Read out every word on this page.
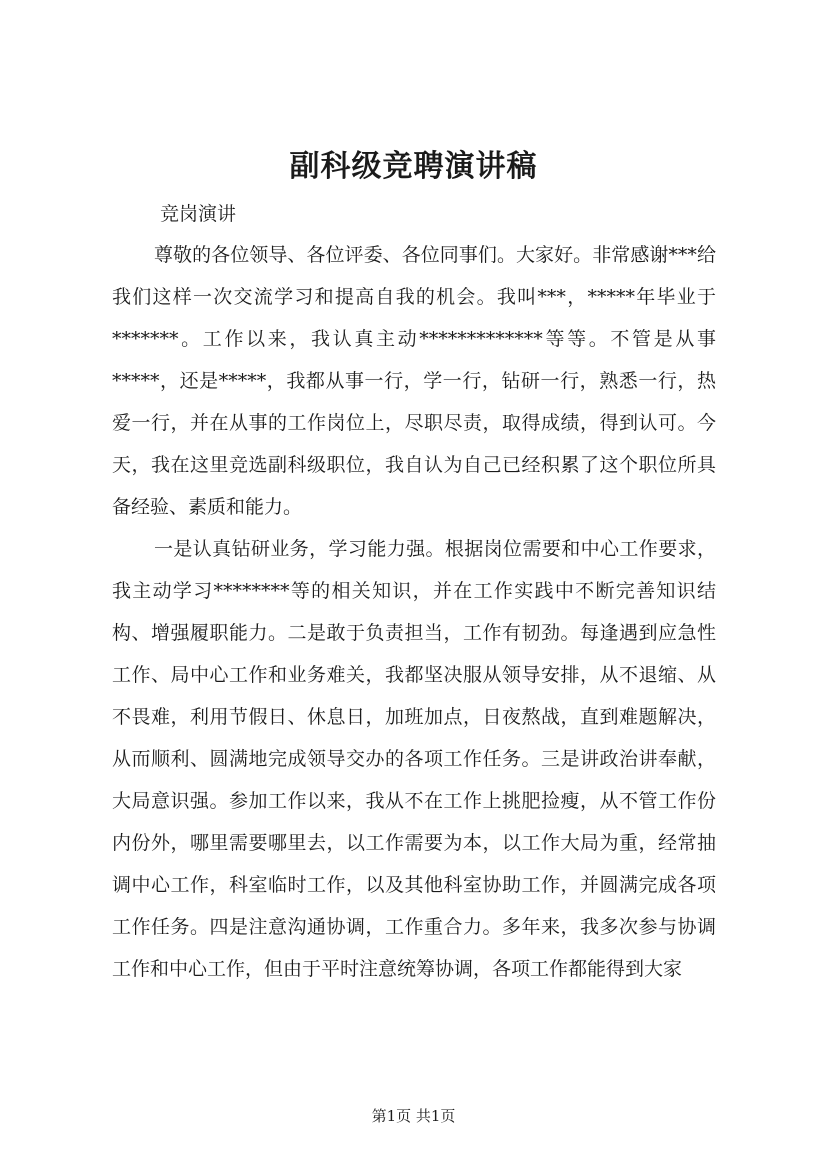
副科级竞聘演讲稿
竞岗演讲

尊敬的各位领导、各位评委、各位同事们。大家好。非常感谢***给我们这样一次交流学习和提高自我的机会。我叫***，*****年毕业于*******。工作以来，我认真主动*************等等。不管是从事*****，还是*****，我都从事一行，学一行，钻研一行，熟悉一行，热爱一行，并在从事的工作岗位上，尽职尽责，取得成绩，得到认可。今天，我在这里竞选副科级职位，我自认为自己已经积累了这个职位所具备经验、素质和能力。

一是认真钻研业务，学习能力强。根据岗位需要和中心工作要求，我主动学习********等的相关知识，并在工作实践中不断完善知识结构、增强履职能力。二是敢于负责担当，工作有韧劲。每逢遇到应急性工作、局中心工作和业务难关，我都坚决服从领导安排，从不退缩、从不畏难，利用节假日、休息日，加班加点，日夜熬战，直到难题解决，从而顺利、圆满地完成领导交办的各项工作任务。三是讲政治讲奉献，大局意识强。参加工作以来，我从不在工作上挑肥捡瘦，从不管工作份内份外，哪里需要哪里去，以工作需要为本，以工作大局为重，经常抽调中心工作，科室临时工作，以及其他科室协助工作，并圆满完成各项工作任务。四是注意沟通协调，工作重合力。多年来，我多次参与协调工作和中心工作，但由于平时注意统筹协调，各项工作都能得到大家

第1页 共1页
